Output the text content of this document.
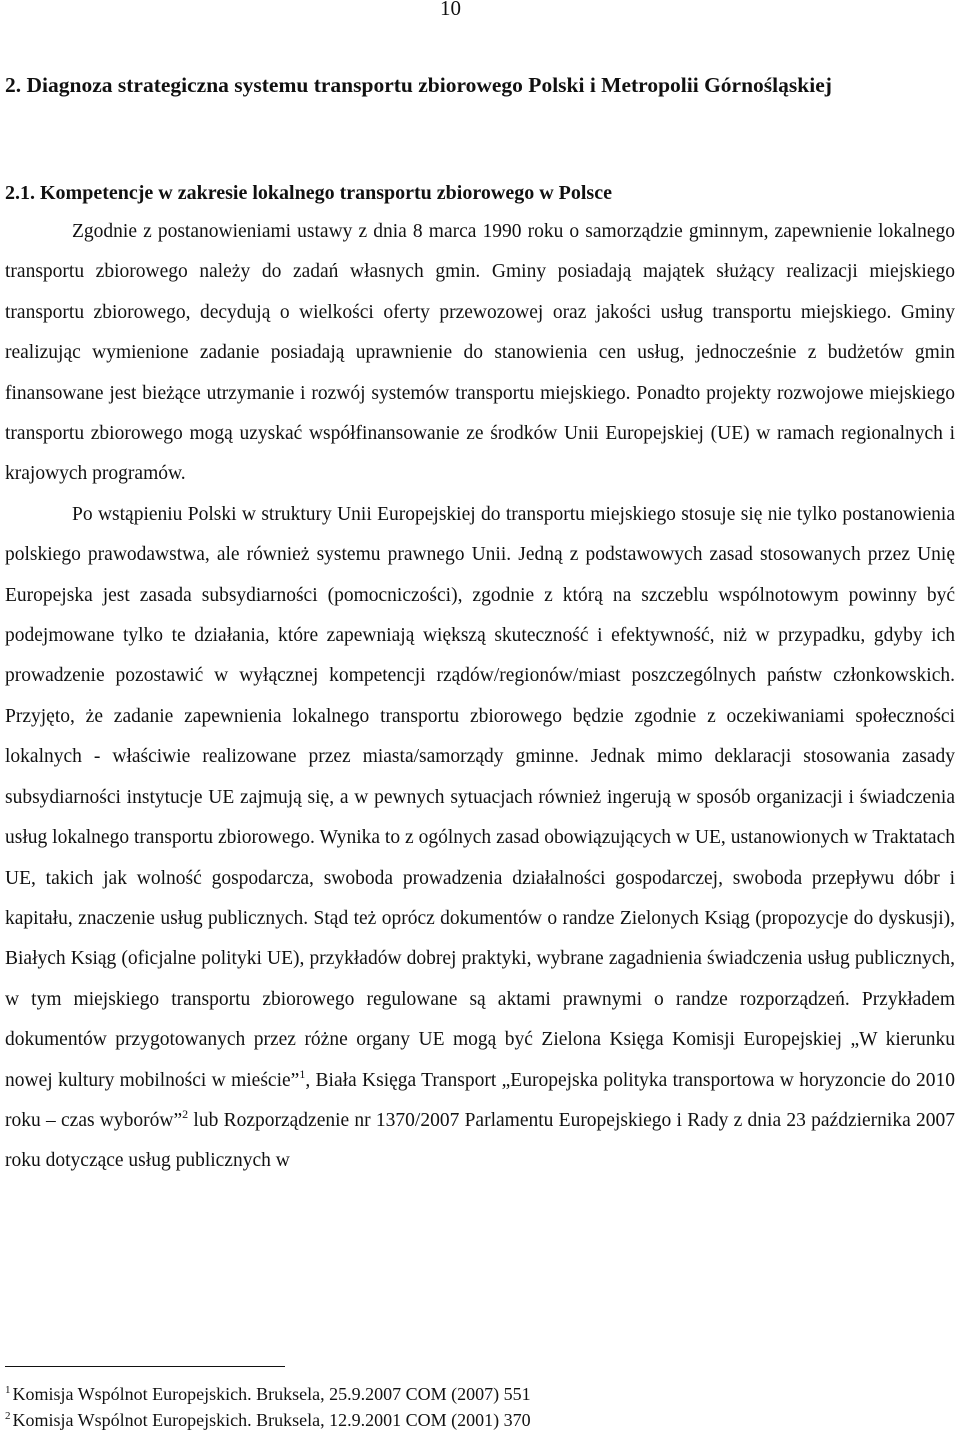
10
2. Diagnoza strategiczna systemu transportu zbiorowego Polski i Metropolii Górnośląskiej
2.1. Kompetencje w zakresie lokalnego transportu zbiorowego w Polsce

Zgodnie z postanowieniami ustawy z dnia 8 marca 1990 roku o samorządzie gminnym, zapewnienie lokalnego transportu zbiorowego należy do zadań własnych gmin. Gminy posiadają majątek służący realizacji miejskiego transportu zbiorowego, decydują o wielkości oferty przewozowej oraz jakości usług transportu miejskiego. Gminy realizując wymienione zadanie posiadają uprawnienie do stanowienia cen usług, jednocześnie z budżetów gmin finansowane jest bieżące utrzymanie i rozwój systemów transportu miejskiego. Ponadto projekty rozwojowe miejskiego transportu zbiorowego mogą uzyskać współfinansowanie ze środków Unii Europejskiej (UE) w ramach regionalnych i krajowych programów.

Po wstąpieniu Polski w struktury Unii Europejskiej do transportu miejskiego stosuje się nie tylko postanowienia polskiego prawodawstwa, ale również systemu prawnego Unii. Jedną z podstawowych zasad stosowanych przez Unię Europejska jest zasada subsydiarności (pomocniczości), zgodnie z którą na szczeblu wspólnotowym powinny być podejmowane tylko te działania, które zapewniają większą skuteczność i efektywność, niż w przypadku, gdyby ich prowadzenie pozostawić w wyłącznej kompetencji rządów/regionów/miast poszczególnych państw członkowskich. Przyjęto, że zadanie zapewnienia lokalnego transportu zbiorowego będzie zgodnie z oczekiwaniami społeczności lokalnych - właściwie realizowane przez miasta/samorządy gminne. Jednak mimo deklaracji stosowania zasady subsydiarności instytucje UE zajmują się, a w pewnych sytuacjach również ingerują w sposób organizacji i świadczenia usług lokalnego transportu zbiorowego. Wynika to z ogólnych zasad obowiązujących w UE, ustanowionych w Traktatach UE, takich jak wolność gospodarcza, swoboda prowadzenia działalności gospodarczej, swoboda przepływu dóbr i kapitału, znaczenie usług publicznych. Stąd też oprócz dokumentów o randze Zielonych Ksiąg (propozycje do dyskusji), Białych Ksiąg (oficjalne polityki UE), przykładów dobrej praktyki, wybrane zagadnienia świadczenia usług publicznych, w tym miejskiego transportu zbiorowego regulowane są aktami prawnymi o randze rozporządzeń. Przykładem dokumentów przygotowanych przez różne organy UE mogą być Zielona Księga Komisji Europejskiej „W kierunku nowej kultury mobilności w mieście”$^1$, Biała Księga Transport „Europejska polityka transportowa w horyzoncie do 2010 roku – czas wyborów”$^2$ lub Rozporządzenie nr 1370/2007 Parlamentu Europejskiego i Rady z dnia 23 października 2007 roku dotyczące usług publicznych w

$^1$ Komisja Wspólnot Europejskich. Bruksela, 25.9.2007 COM (2007) 551
$^2$ Komisja Wspólnot Europejskich. Bruksela, 12.9.2001 COM (2001) 370
